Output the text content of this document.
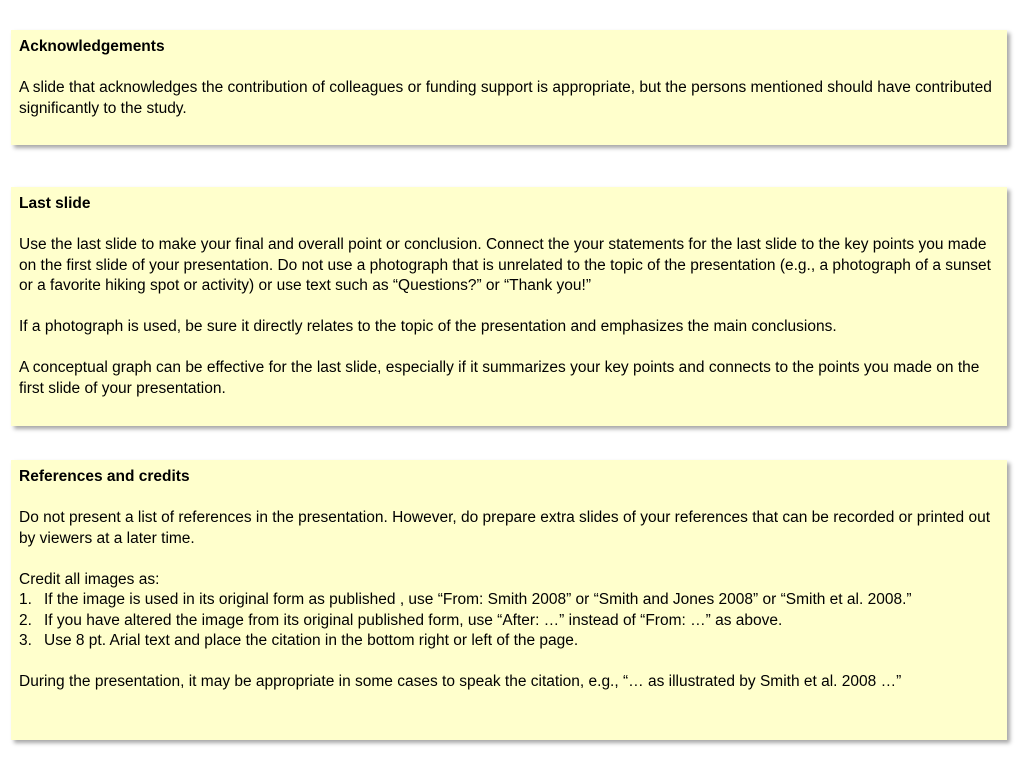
Acknowledgements

A slide that acknowledges the contribution of colleagues or funding support is appropriate, but the persons mentioned should have contributed significantly to the study.

Last slide

Use the last slide to make your final and overall point or conclusion. Connect the your statements for the last slide to the key points you made on the first slide of your presentation. Do not use a photograph that is unrelated to the topic of the presentation (e.g., a photograph of a sunset or a favorite hiking spot or activity) or use text such as “Questions?” or “Thank you!”

If a photograph is used, be sure it directly relates to the topic of the presentation and emphasizes the main conclusions.

A conceptual graph can be effective for the last slide, especially if it summarizes your key points and connects to the points you made on the first slide of your presentation.

References and credits

Do not present a list of references in the presentation. However, do prepare extra slides of your references that can be recorded or printed out by viewers at a later time.

Credit all images as:

1. If the image is used in its original form as published , use “From: Smith 2008” or “Smith and Jones 2008” or “Smith et al. 2008.”
2. If you have altered the image from its original published form, use “After: …” instead of “From: …” as above.
3. Use 8 pt. Arial text and place the citation in the bottom right or left of the page.

During the presentation, it may be appropriate in some cases to speak the citation, e.g., “… as illustrated by Smith et al. 2008 …”
